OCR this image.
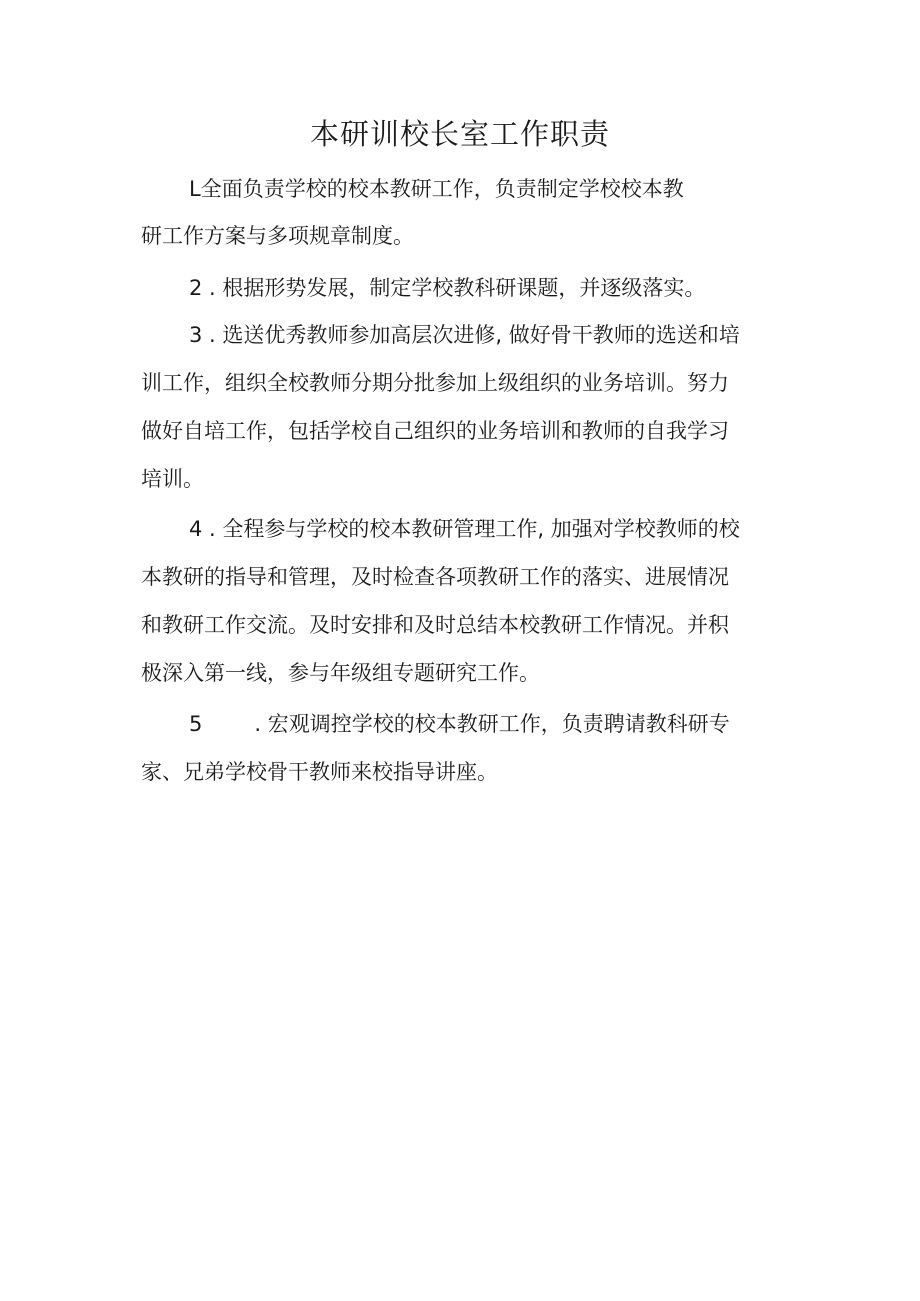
本研训校长室工作职责

L全面负责学校的校本教研工作，负责制定学校校本教

研工作方案与多项规章制度。

2 . 根据形势发展，制定学校教科研课题，并逐级落实。

3 . 选送优秀教师参加高层次进修, 做好骨干教师的选送和培

训工作，组织全校教师分期分批参加上级组织的业务培训。努力

做好自培工作，包括学校自己组织的业务培训和教师的自我学习

培训。

4 . 全程参与学校的校本教研管理工作, 加强对学校教师的校

本教研的指导和管理，及时检查各项教研工作的落实、进展情况

和教研工作交流。及时安排和及时总结本校教研工作情况。并积

极深入第一线，参与年级组专题研究工作。

5 . 宏观调控学校的校本教研工作，负责聘请教科研专

家、兄弟学校骨干教师来校指导讲座。
